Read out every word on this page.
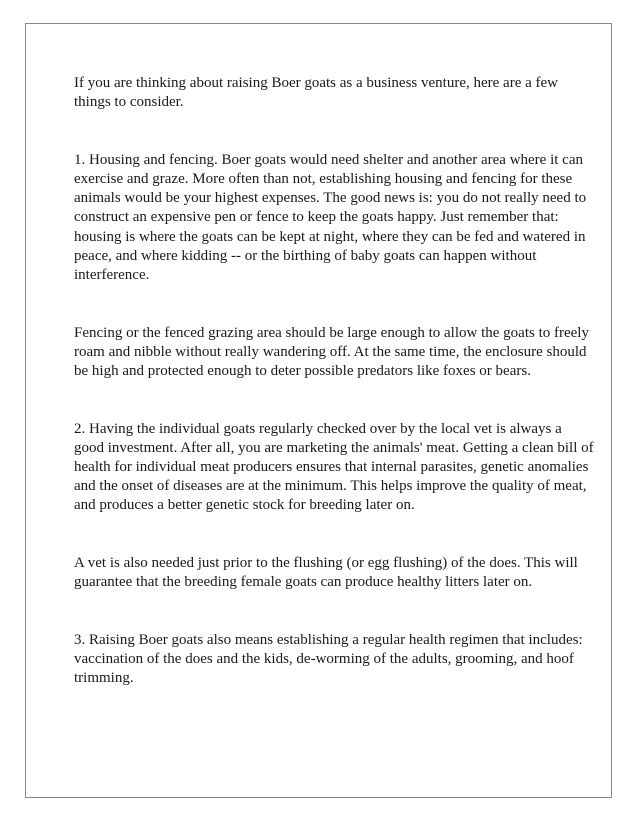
If you are thinking about raising Boer goats as a business venture, here are a few things to consider.

1. Housing and fencing. Boer goats would need shelter and another area where it can exercise and graze. More often than not, establishing housing and fencing for these animals would be your highest expenses. The good news is: you do not really need to construct an expensive pen or fence to keep the goats happy. Just remember that: housing is where the goats can be kept at night, where they can be fed and watered in peace, and where kidding -- or the birthing of baby goats can happen without interference.

Fencing or the fenced grazing area should be large enough to allow the goats to freely roam and nibble without really wandering off. At the same time, the enclosure should be high and protected enough to deter possible predators like foxes or bears.

2. Having the individual goats regularly checked over by the local vet is always a good investment. After all, you are marketing the animals' meat. Getting a clean bill of health for individual meat producers ensures that internal parasites, genetic anomalies and the onset of diseases are at the minimum. This helps improve the quality of meat, and produces a better genetic stock for breeding later on.

A vet is also needed just prior to the flushing (or egg flushing) of the does. This will guarantee that the breeding female goats can produce healthy litters later on.

3. Raising Boer goats also means establishing a regular health regimen that includes: vaccination of the does and the kids, de-worming of the adults, grooming, and hoof trimming.
